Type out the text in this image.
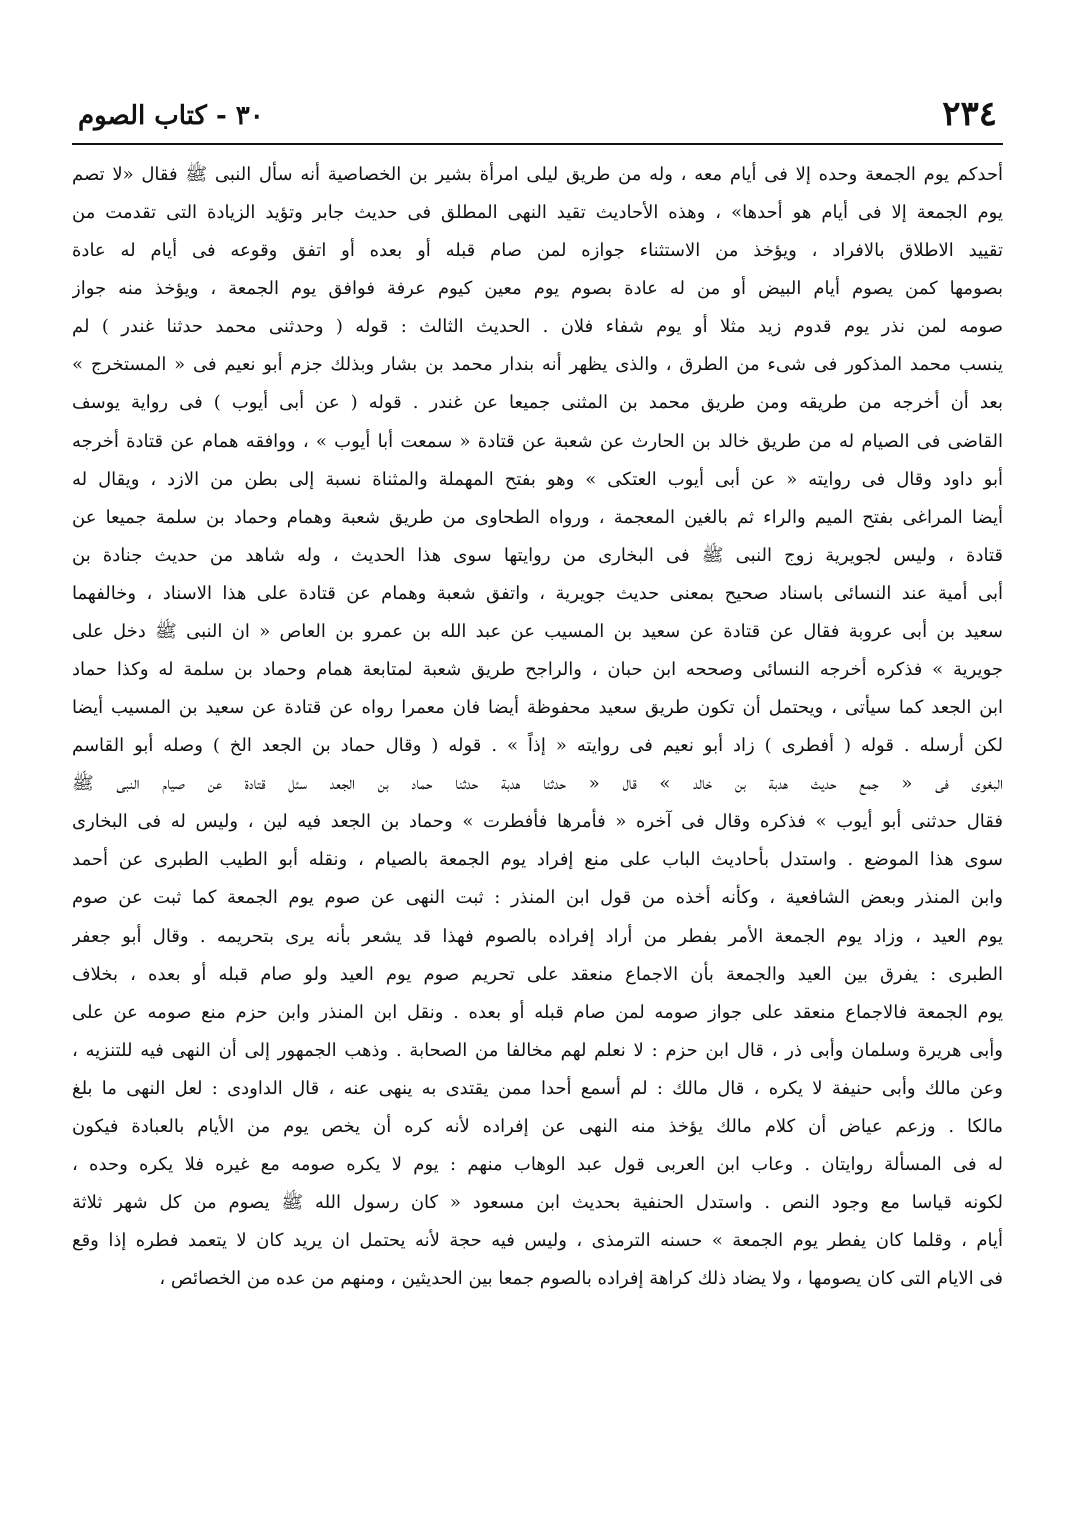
٢٣٤
٣٠ - كتاب الصوم
أحدكم يوم الجمعة وحده إلا فى أيام معه ، وله من طريق ليلى امرأة بشير بن الخصاصية أنه سأل النبى ﷺ فقال «لا تصم
يوم الجمعة إلا فى أيام هو أحدها» ، وهذه الأحاديث تقيد النهى المطلق فى حديث جابر وتؤيد الزيادة التى تقدمت من
تقييد الاطلاق بالافراد ، ويؤخذ من الاستثناء جوازه لمن صام قبله أو بعده أو اتفق وقوعه فى أيام له عادة
بصومها كمن يصوم أيام البيض أو من له عادة بصوم يوم معين كيوم عرفة فوافق يوم الجمعة ، ويؤخذ منه جواز
صومه لمن نذر يوم قدوم زيد مثلا أو يوم شفاء فلان . الحديث الثالث : قوله ( وحدثنى محمد حدثنا غندر ) لم
ينسب محمد المذكور فى شىء من الطرق ، والذى يظهر أنه بندار محمد بن بشار وبذلك جزم أبو نعيم فى « المستخرج »
بعد أن أخرجه من طريقه ومن طريق محمد بن المثنى جميعا عن غندر . قوله ( عن أبى أيوب ) فى رواية يوسف
القاضى فى الصيام له من طريق خالد بن الحارث عن شعبة عن قتادة « سمعت أبا أيوب » ، ووافقه همام عن قتادة أخرجه
أبو داود وقال فى روايته « عن أبى أيوب العتكى » وهو بفتح المهملة والمثناة نسبة إلى بطن من الازد ، ويقال له
أيضا المراغى بفتح الميم والراء ثم بالغين المعجمة ، ورواه الطحاوى من طريق شعبة وهمام وحماد بن سلمة جميعا عن
قتادة ، وليس لجويرية زوج النبى ﷺ فى البخارى من روايتها سوى هذا الحديث ، وله شاهد من حديث جنادة بن
أبى أمية عند النسائى باسناد صحيح بمعنى حديث جويرية ، واتفق شعبة وهمام عن قتادة على هذا الاسناد ، وخالفهما
سعيد بن أبى عروبة فقال عن قتادة عن سعيد بن المسيب عن عبد الله بن عمرو بن العاص « ان النبى ﷺ دخل على
جويرية » فذكره أخرجه النسائى وصححه ابن حبان ، والراجح طريق شعبة لمتابعة همام وحماد بن سلمة له وكذا حماد
ابن الجعد كما سيأتى ، ويحتمل أن تكون طريق سعيد محفوظة أيضا فان معمرا رواه عن قتادة عن سعيد بن المسيب أيضا
لكن أرسله . قوله ( أفطرى ) زاد أبو نعيم فى روايته « إذاً » . قوله ( وقال حماد بن الجعد الخ ) وصله أبو القاسم
البغوى فى « جمع حديث هدبة بن خالد » قال « حدثنا هدبة حدثنا حماد بن الجعد سئل قتادة عن صيام النبى ﷺ
فقال حدثنى أبو أيوب » فذكره وقال فى آخره « فأمرها فأفطرت » وحماد بن الجعد فيه لين ، وليس له فى البخارى
سوى هذا الموضع . واستدل بأحاديث الباب على منع إفراد يوم الجمعة بالصيام ، ونقله أبو الطيب الطبرى عن أحمد
وابن المنذر وبعض الشافعية ، وكأنه أخذه من قول ابن المنذر : ثبت النهى عن صوم يوم الجمعة كما ثبت عن صوم
يوم العيد ، وزاد يوم الجمعة الأمر بفطر من أراد إفراده بالصوم فهذا قد يشعر بأنه يرى بتحريمه . وقال أبو جعفر
الطبرى : يفرق بين العيد والجمعة بأن الاجماع منعقد على تحريم صوم يوم العيد ولو صام قبله أو بعده ، بخلاف
يوم الجمعة فالاجماع منعقد على جواز صومه لمن صام قبله أو بعده . ونقل ابن المنذر وابن حزم منع صومه عن على
وأبى هريرة وسلمان وأبى ذر ، قال ابن حزم : لا نعلم لهم مخالفا من الصحابة . وذهب الجمهور إلى أن النهى فيه للتنزيه ،
وعن مالك وأبى حنيفة لا يكره ، قال مالك : لم أسمع أحدا ممن يقتدى به ينهى عنه ، قال الداودى : لعل النهى ما بلغ
مالكا . وزعم عياض أن كلام مالك يؤخذ منه النهى عن إفراده لأنه كره أن يخص يوم من الأيام بالعبادة فيكون
له فى المسألة روايتان . وعاب ابن العربى قول عبد الوهاب منهم : يوم لا يكره صومه مع غيره فلا يكره وحده ،
لكونه قياسا مع وجود النص . واستدل الحنفية بحديث ابن مسعود « كان رسول الله ﷺ يصوم من كل شهر ثلاثة
أيام ، وقلما كان يفطر يوم الجمعة » حسنه الترمذى ، وليس فيه حجة لأنه يحتمل ان يريد كان لا يتعمد فطره إذا وقع
فى الايام التى كان يصومها ، ولا يضاد ذلك كراهة إفراده بالصوم جمعا بين الحديثين ، ومنهم من عده من الخصائص ،
